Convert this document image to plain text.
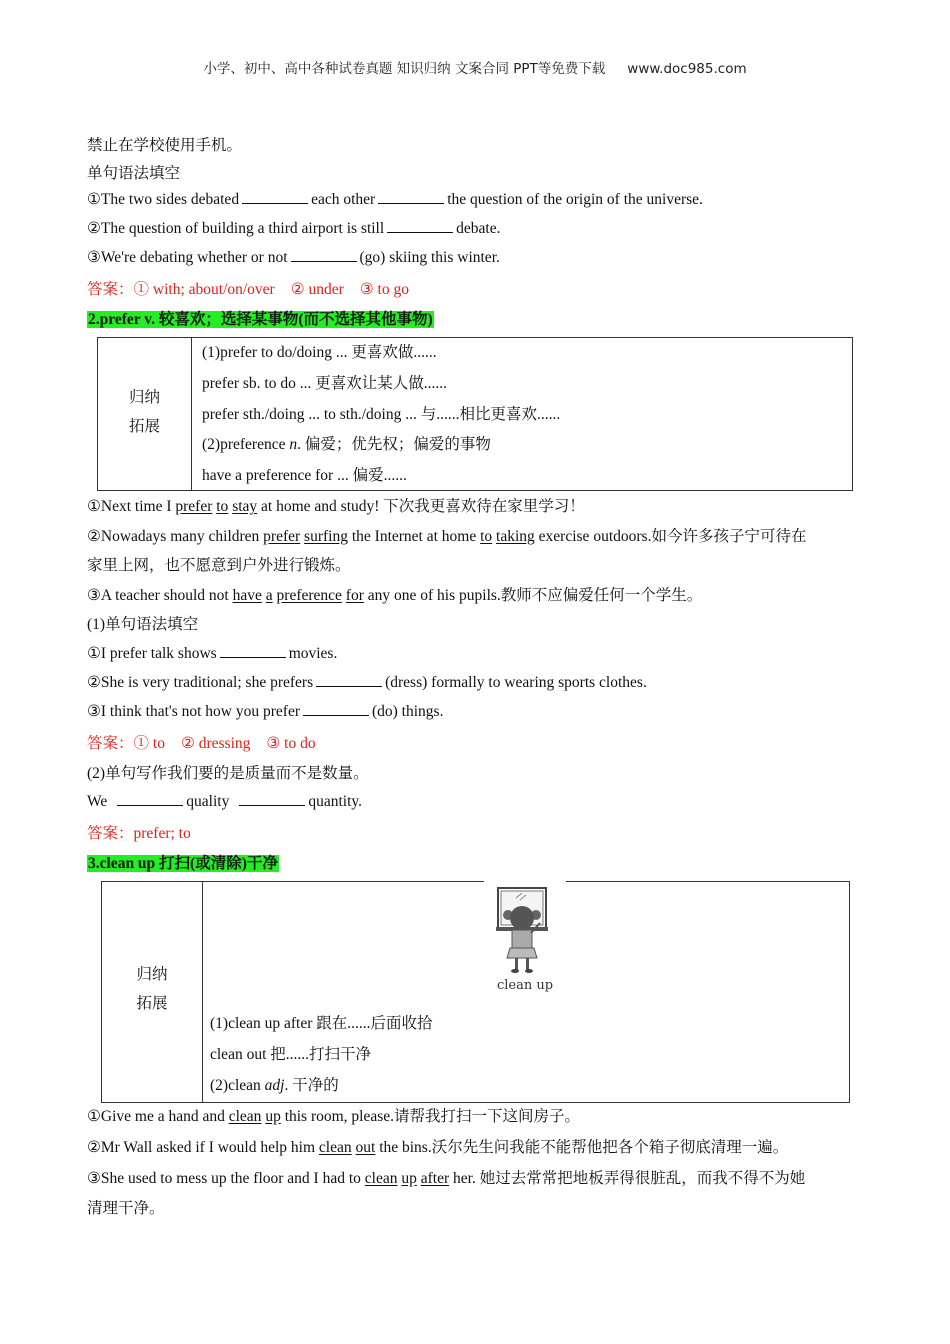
小学、初中、高中各种试卷真题 知识归纳 文案合同 PPT等免费下载 www.doc985.com
禁止在学校使用手机。
单句语法填空
①The two sides debated	each other	the question of the origin of the universe.
②The question of building a third airport is still	debate.
③We're debating whether or not	(go) skiing this winter.
答案：① with; about/on/over ② under ③ to go
2.prefer v. 较喜欢；选择某事物(而不选择其他事物)
归纳
拓展
(1)prefer to do/doing ... 更喜欢做......
prefer sb. to do ... 更喜欢让某人做......
prefer sth./doing ... to sth./doing ... 与......相比更喜欢......
(2)preference n. 偏爱；优先权；偏爱的事物
have a preference for ... 偏爱......
①Next time I prefer to stay at home and study! 下次我更喜欢待在家里学习！
②Nowadays many children prefer surfing the Internet at home to taking exercise outdoors.如今许多孩子宁可待在
家里上网，也不愿意到户外进行锻炼。
③A teacher should not have a preference for any one of his pupils.教师不应偏爱任何一个学生。
(1)单句语法填空
①I prefer talk shows	movies.
②She is very traditional; she prefers	(dress) formally to wearing sports clothes.
③I think that's not how you prefer	(do) things.
答案：① to ② dressing ③ to do
(2)单句写作我们要的是质量而不是数量。
We	quality	quantity.
答案：prefer; to
3.clean up 打扫(或清除)干净
归纳
拓展
(1)clean up after 跟在......后面收拾
clean out 把......打扫干净
(2)clean adj. 干净的
clean up
①Give me a hand and clean up this room, please.请帮我打扫一下这间房子。
②Mr Wall asked if I would help him clean out the bins.沃尔先生问我能不能帮他把各个箱子彻底清理一遍。
③She used to mess up the floor and I had to clean up after her. 她过去常常把地板弄得很脏乱，而我不得不为她
清理干净。
